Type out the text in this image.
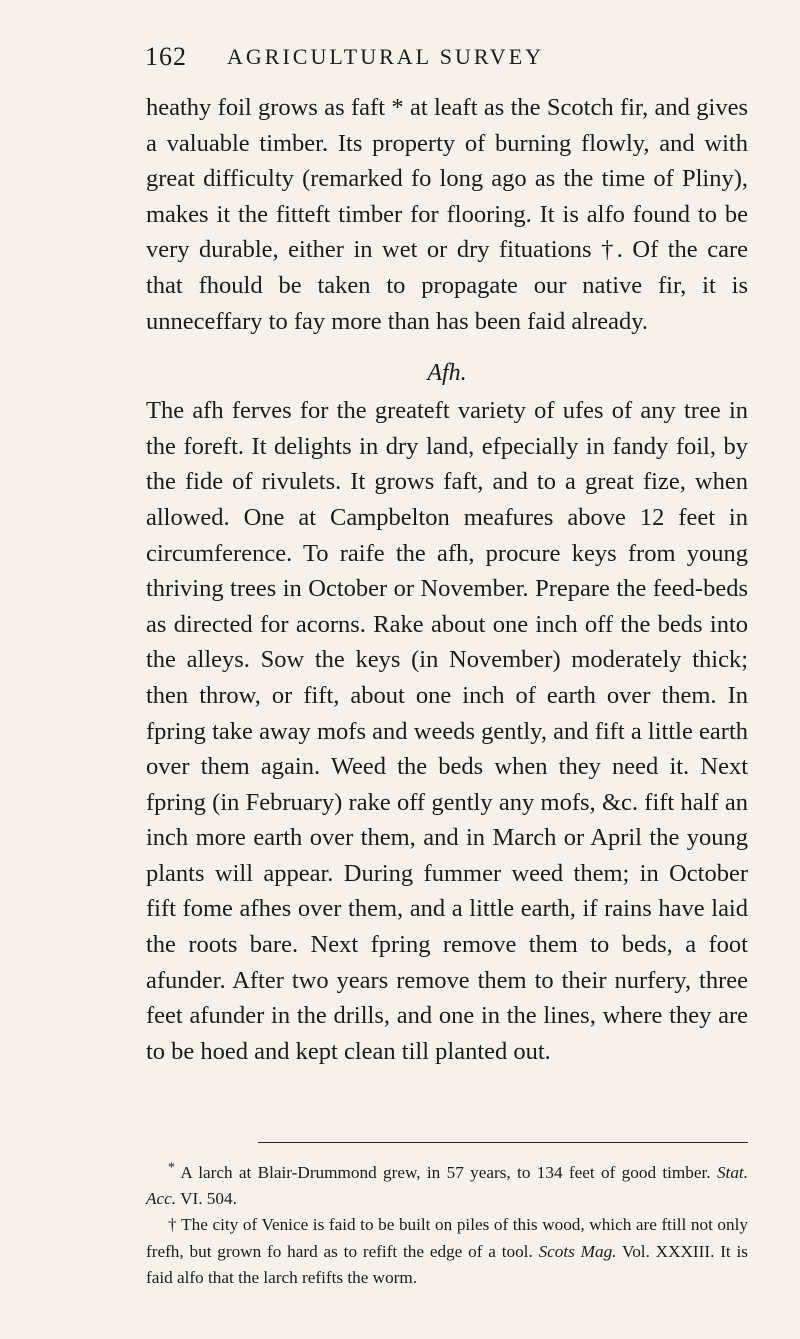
162 AGRICULTURAL SURVEY

heathy foil grows as faft * at leaft as the Scotch fir, and gives a valuable timber. Its property of burning flowly, and with great difficulty (remarked fo long ago as the time of Pliny), makes it the fitteft timber for flooring. It is alfo found to be very durable, either in wet or dry fituations †. Of the care that fhould be taken to propagate our native fir, it is unneceffary to fay more than has been faid already.

Afh.

The afh ferves for the greateft variety of ufes of any tree in the foreft. It delights in dry land, efpecially in fandy foil, by the fide of rivulets. It grows faft, and to a great fize, when allowed. One at Campbelton meafures above 12 feet in circumference. To raife the afh, procure keys from young thriving trees in October or November. Prepare the feed-beds as directed for acorns. Rake about one inch off the beds into the alleys. Sow the keys (in November) moderately thick; then throw, or fift, about one inch of earth over them. In fpring take away mofs and weeds gently, and fift a little earth over them again. Weed the beds when they need it. Next fpring (in February) rake off gently any mofs, &c. fift half an inch more earth over them, and in March or April the young plants will appear. During fummer weed them; in October fift fome afhes over them, and a little earth, if rains have laid the roots bare. Next fpring remove them to beds, a foot afunder. After two years remove them to their nurfery, three feet afunder in the drills, and one in the lines, where they are to be hoed and kept clean till planted out.

* A larch at Blair-Drummond grew, in 57 years, to 134 feet of good timber. Stat. Acc. VI. 504.

† The city of Venice is faid to be built on piles of this wood, which are ftill not only frefh, but grown fo hard as to refift the edge of a tool. Scots Mag. Vol. XXXIII. It is faid alfo that the larch refifts the worm.
